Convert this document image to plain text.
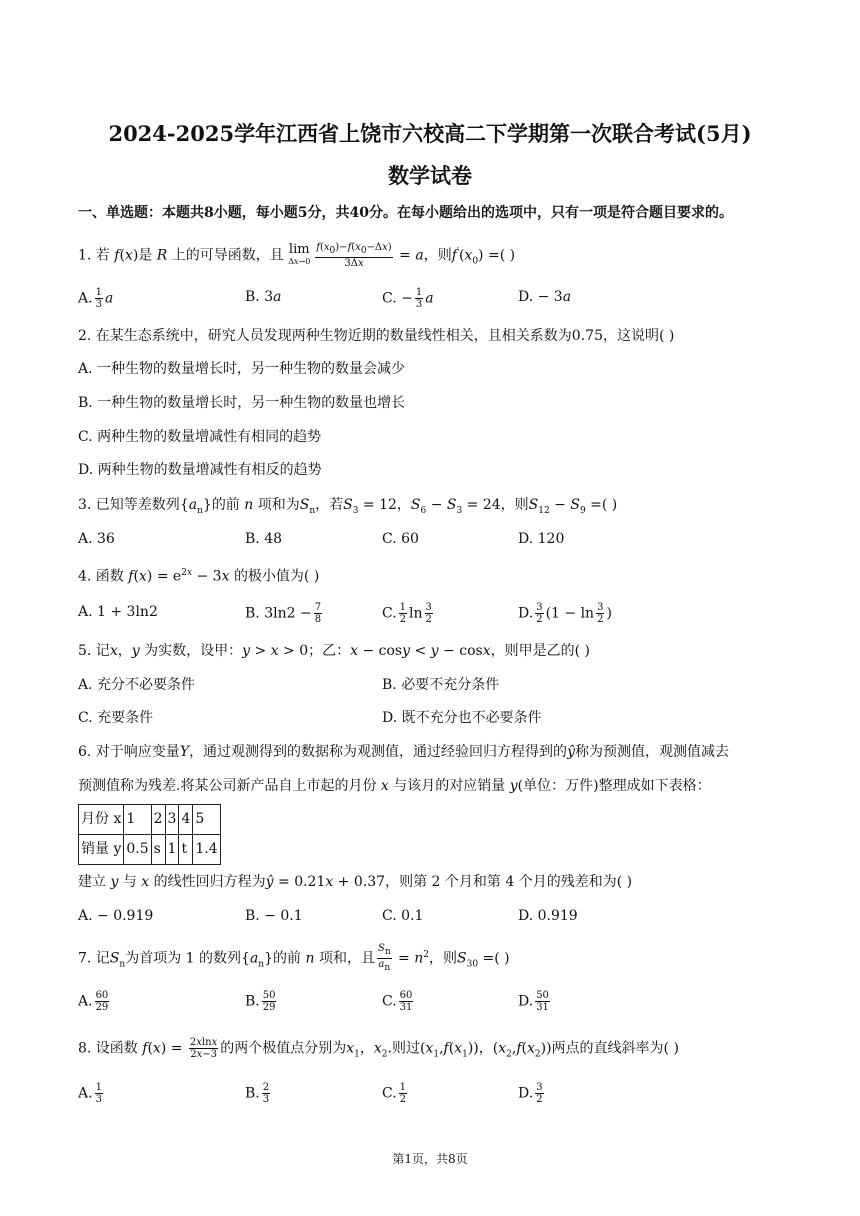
2024-2025学年江西省上饶市六校高二下学期第一次联合考试(5月)
数学试卷
一、单选题：本题共8小题，每小题5分，共40分。在每小题给出的选项中，只有一项是符合题目要求的。
1. 若 f(x)是 R 上的可导函数，且 lim
$\Delta x\to 0 \frac{f(x_0)-f(x_0-\Delta x)}{3\Delta x} = a$，则$f'(x_0)$ =( )
A. $\frac{1}{3}$ a	B. 3a	C. − $\frac{1}{3}$ a	D. − 3a
2. 在某生态系统中，研究人员发现两种生物近期的数量线性相关，且相关系数为0.75，这说明( )
A. 一种生物的数量增长时，另一种生物的数量会减少
B. 一种生物的数量增长时，另一种生物的数量也增长
C. 两种生物的数量增减性有相同的趋势
D. 两种生物的数量增减性有相反的趋势
3. 已知等差数列$\{a_n\}$的前 n 项和为$S_n$，若$S_3 = 12$，$S_6 - S_3 = 24$，则$S_{12} - S_9$ =( )
A. 36	B. 48	C. 60	D. 120
4. 函数 $f(x) = e^{2x} - 3x$ 的极小值为( )
A. 1 + 3ln2	B. $3\ln 2 - \frac{7}{8}$	C. $\frac{1}{2}$ $\ln \frac{3}{2}$	D. $\frac{3}{2} (1 - \ln \frac{3}{2}$ )
5. 记x，y 为实数，设甲：y > x > 0；乙：x − cosy < y − cosx，则甲是乙的( )
A. 充分不必要条件	B. 必要不充分条件
C. 充要条件	D. 既不充分也不必要条件
6. 对于响应变量Y，通过观测得到的数据称为观测值，通过经验回归方程得到的ŷ称为预测值，观测值减去
预测值称为残差.将某公司新产品自上市起的月份 x 与该月的对应销量 y(单位：万件)整理成如下表格：
月份 x	1	2	3	4	5
销量 y	0.5	s	1	t	1.4
建立 y 与 x 的线性回归方程为ŷ = 0.21x + 0.37，则第 2 个月和第 4 个月的残差和为( )
A. − 0.919	B. − 0.1	C. 0.1	D. 0.919
7. 记$S_n$为首项为 1 的数列$\{a_n\}$的前 n 项和，且 $\frac{S_n}{a_n} = n^2$，则$S_{30}$ =( )
A. $\frac{60}{29}$	B. $\frac{50}{29}$	C. $\frac{60}{31}$	D. $\frac{50}{31}$
8. 设函数 $f(x) = \frac{2xlnx}{2x-3}$ 的两个极值点分别为$x_1$，$x_2$.则过$(x_1,f(x_1))$，$(x_2,f(x_2))$两点的直线斜率为( )
A. $\frac{1}{3}$	B. $\frac{2}{3}$	C. $\frac{1}{2}$	D. $\frac{3}{2}$
第1页，共8页
